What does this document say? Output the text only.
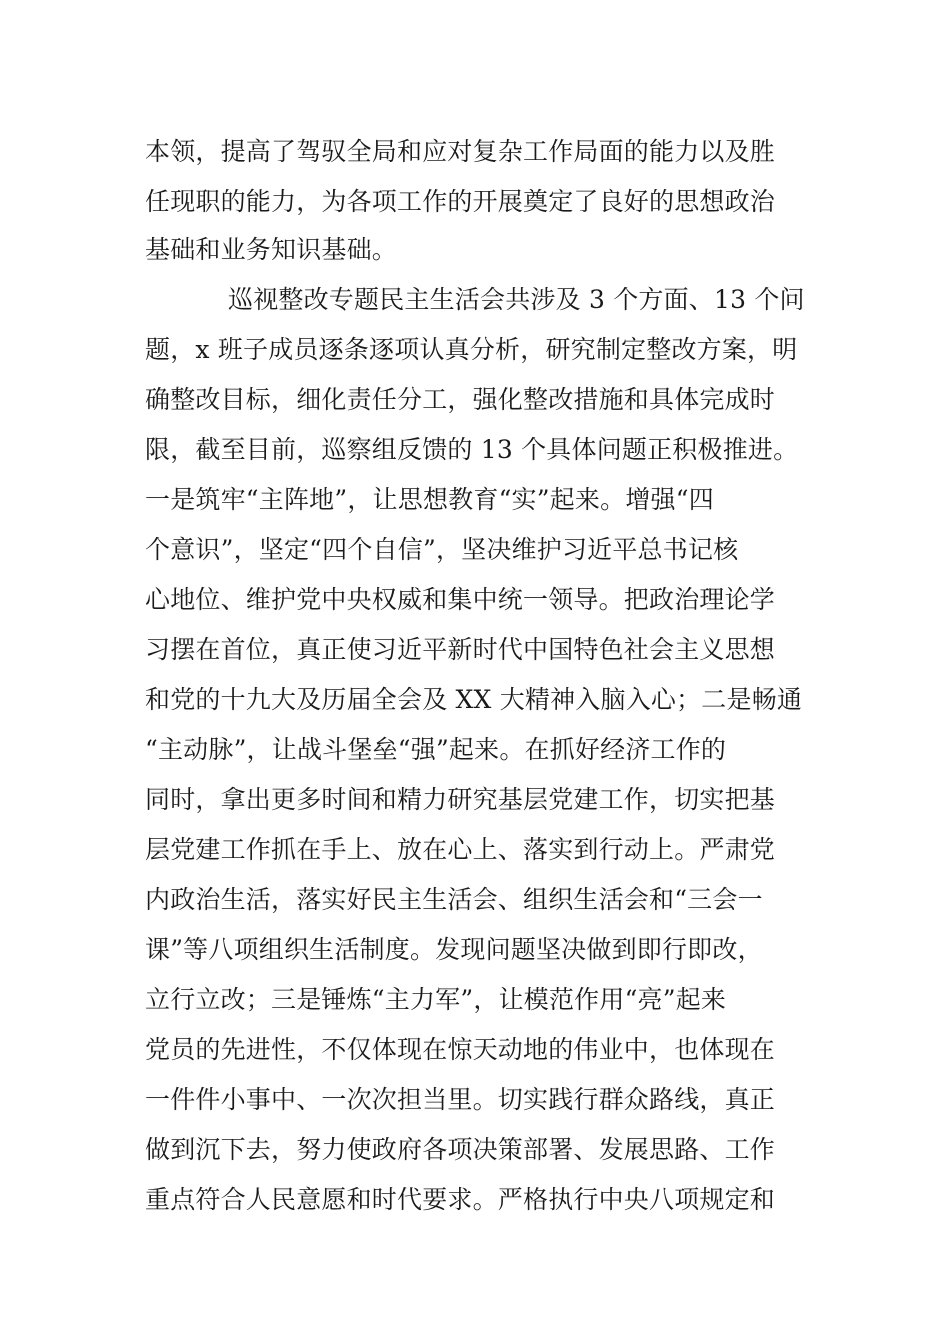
本领，提高了驾驭全局和应对复杂工作局面的能力以及胜
任现职的能力，为各项工作的开展奠定了良好的思想政治
基础和业务知识基础。
巡视整改专题民主生活会共涉及 3 个方面、13 个问
题，x 班子成员逐条逐项认真分析，研究制定整改方案，明
确整改目标，细化责任分工，强化整改措施和具体完成时
限，截至目前，巡察组反馈的 13 个具体问题正积极推进。
一是筑牢“主阵地”，让思想教育“实”起来。增强“四
个意识”，坚定“四个自信”，坚决维护习近平总书记核
心地位、维护党中央权威和集中统一领导。把政治理论学
习摆在首位，真正使习近平新时代中国特色社会主义思想
和党的十九大及历届全会及 XX 大精神入脑入心；二是畅通
“主动脉”，让战斗堡垒“强”起来。在抓好经济工作的
同时，拿出更多时间和精力研究基层党建工作，切实把基
层党建工作抓在手上、放在心上、落实到行动上。严肃党
内政治生活，落实好民主生活会、组织生活会和“三会一
课”等八项组织生活制度。发现问题坚决做到即行即改，
立行立改；三是锤炼“主力军”，让模范作用“亮”起来
党员的先进性，不仅体现在惊天动地的伟业中，也体现在
一件件小事中、一次次担当里。切实践行群众路线，真正
做到沉下去，努力使政府各项决策部署、发展思路、工作
重点符合人民意愿和时代要求。严格执行中央八项规定和
